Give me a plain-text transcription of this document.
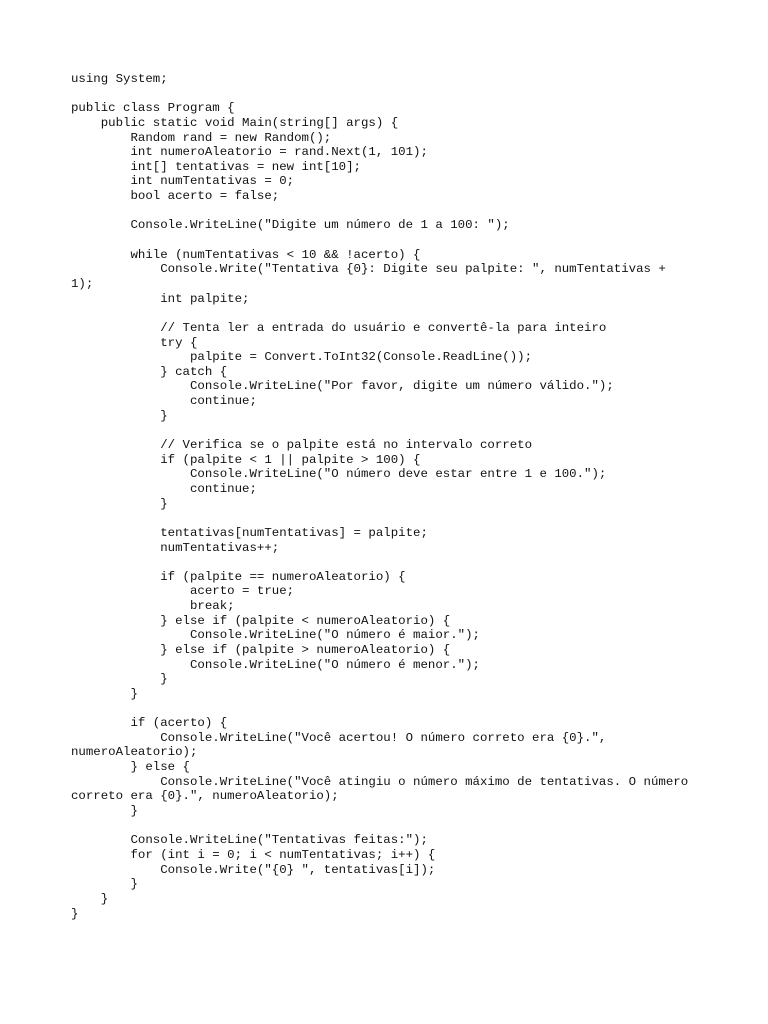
using System;
public class Program {
public static void Main(string[] args) {
Random rand = new Random();
int numeroAleatorio = rand.Next(1, 101);
int[] tentativas = new int[10];
int numTentativas = 0;
bool acerto = false;
Console.WriteLine("Digite um número de 1 a 100: ");
while (numTentativas < 10 && !acerto) {
Console.Write("Tentativa {0}: Digite seu palpite: ", numTentativas +
1);
int palpite;
// Tenta ler a entrada do usuário e convertê-la para inteiro
try {
palpite = Convert.ToInt32(Console.ReadLine());
} catch {
Console.WriteLine("Por favor, digite um número válido.");
continue;
}
// Verifica se o palpite está no intervalo correto
if (palpite < 1 || palpite > 100) {
Console.WriteLine("O número deve estar entre 1 e 100.");
continue;
}
tentativas[numTentativas] = palpite;
numTentativas++;
if (palpite == numeroAleatorio) {
acerto = true;
break;
} else if (palpite < numeroAleatorio) {
Console.WriteLine("O número é maior.");
} else if (palpite > numeroAleatorio) {
Console.WriteLine("O número é menor.");
}
}
if (acerto) {
Console.WriteLine("Você acertou! O número correto era {0}.",
numeroAleatorio);
} else {
Console.WriteLine("Você atingiu o número máximo de tentativas. O número
correto era {0}.", numeroAleatorio);
}
Console.WriteLine("Tentativas feitas:");
for (int i = 0; i < numTentativas; i++) {
Console.Write("{0} ", tentativas[i]);
}
}
}
